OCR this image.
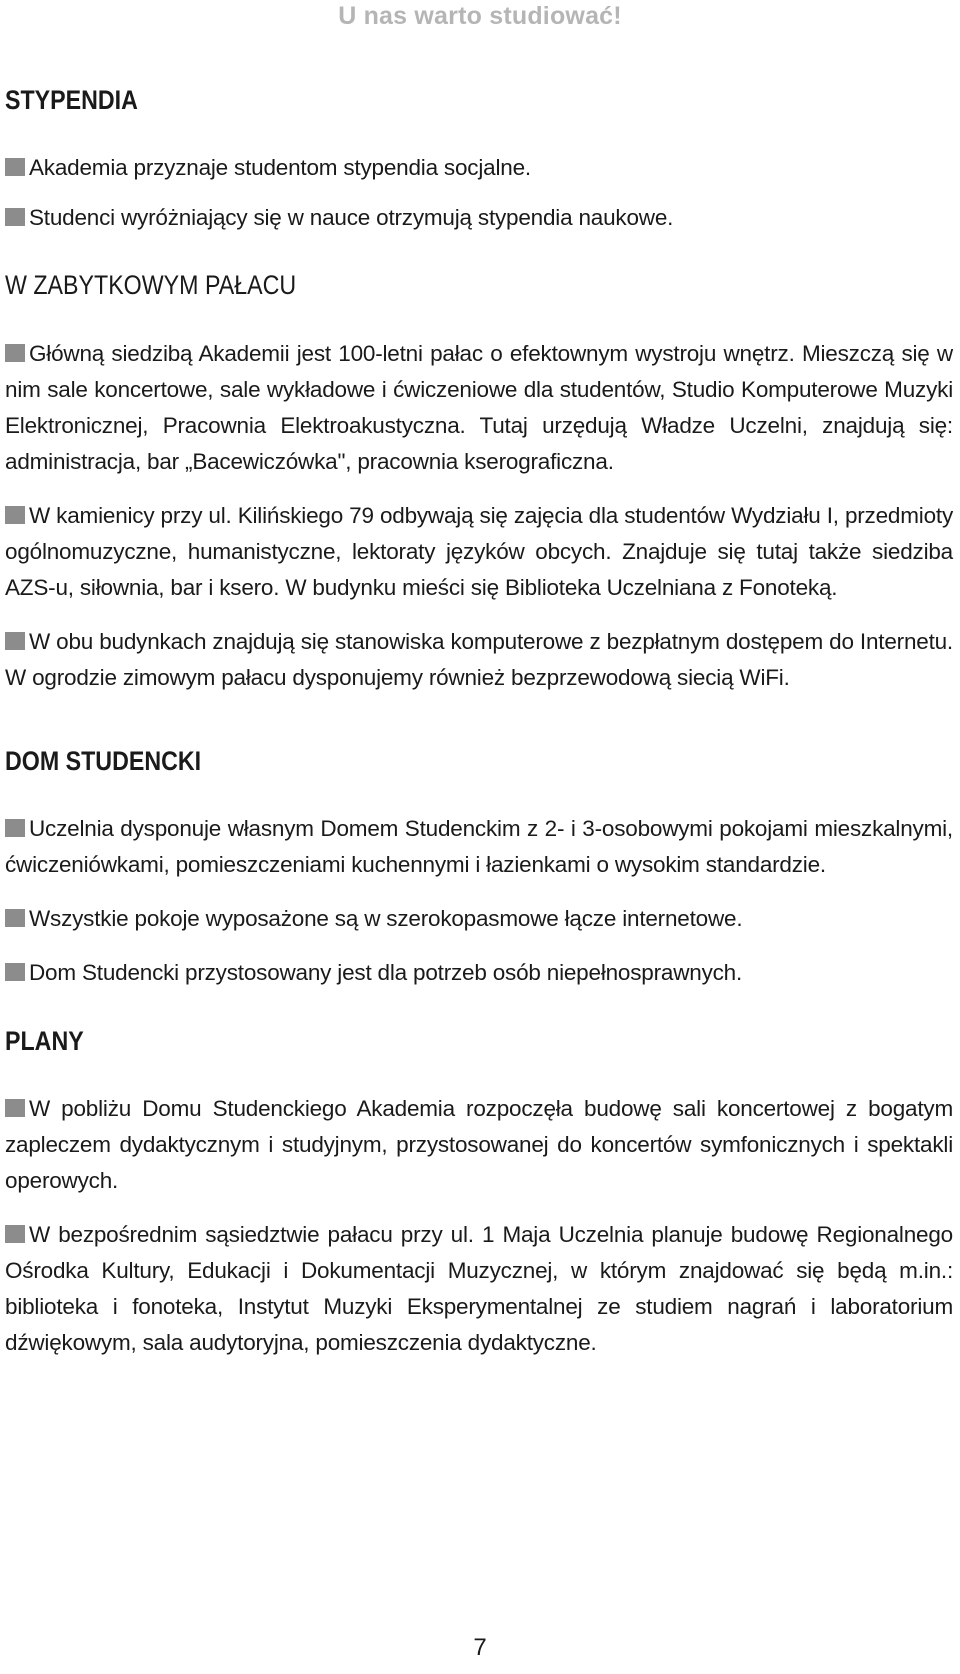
U nas warto studiować!
STYPENDIA

Akademia przyznaje studentom stypendia socjalne.

Studenci wyróżniający się w nauce otrzymują stypendia naukowe.

W ZABYTKOWYM PAŁACU

Główną siedzibą Akademii jest 100-letni pałac o efektownym wystroju wnętrz. Mieszczą się w nim sale koncertowe, sale wykładowe i ćwiczeniowe dla studentów, Studio Komputerowe Muzyki Elektronicznej, Pracownia Elektroakustyczna. Tutaj urzędują Władze Uczelni, znajdują się: administracja, bar „Bacewiczówka", pracownia kserograficzna.

W kamienicy przy ul. Kilińskiego 79 odbywają się zajęcia dla studentów Wydziału I, przedmioty ogólnomuzyczne, humanistyczne, lektoraty języków obcych. Znajduje się tutaj także siedziba AZS-u, siłownia, bar i ksero. W budynku mieści się Biblioteka Uczelniana z Fonoteką.

W obu budynkach znajdują się stanowiska komputerowe z bezpłatnym dostępem do Internetu. W ogrodzie zimowym pałacu dysponujemy również bezprzewodową siecią WiFi.

DOM STUDENCKI

Uczelnia dysponuje własnym Domem Studenckim z 2- i 3-osobowymi pokojami mieszkalnymi, ćwiczeniówkami, pomieszczeniami kuchennymi i łazienkami o wysokim standardzie.

Wszystkie pokoje wyposażone są w szerokopasmowe łącze internetowe.

Dom Studencki przystosowany jest dla potrzeb osób niepełnosprawnych.

PLANY

W pobliżu Domu Studenckiego Akademia rozpoczęła budowę sali koncertowej z bogatym zapleczem dydaktycznym i studyjnym, przystosowanej do koncertów symfonicznych i spektakli operowych.

W bezpośrednim sąsiedztwie pałacu przy ul. 1 Maja Uczelnia planuje budowę Regionalnego Ośrodka Kultury, Edukacji i Dokumentacji Muzycznej, w którym znajdować się będą m.in.: biblioteka i fonoteka, Instytut Muzyki Eksperymentalnej ze studiem nagrań i laboratorium dźwiękowym, sala audytoryjna, pomieszczenia dydaktyczne.

7
